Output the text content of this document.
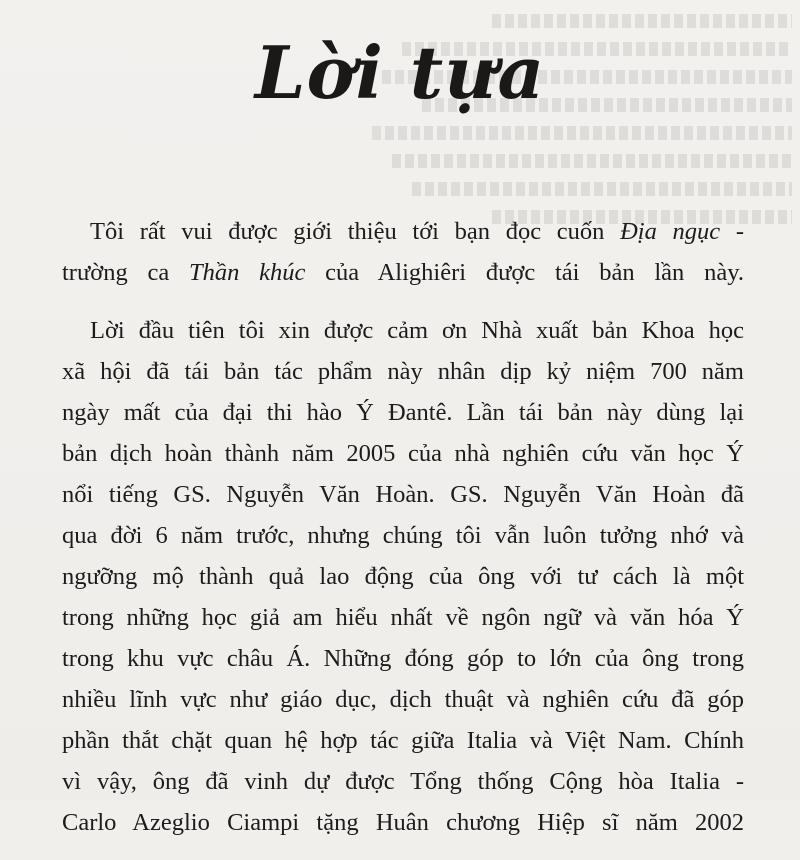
Lời tựa

Tôi rất vui được giới thiệu tới bạn đọc cuốn Địa ngục -
trường ca Thần khúc của Alighiêri được tái bản lần này.

Lời đầu tiên tôi xin được cảm ơn Nhà xuất bản Khoa học
xã hội đã tái bản tác phẩm này nhân dịp kỷ niệm 700 năm
ngày mất của đại thi hào Ý Đantê. Lần tái bản này dùng lại
bản dịch hoàn thành năm 2005 của nhà nghiên cứu văn học Ý
nổi tiếng GS. Nguyễn Văn Hoàn. GS. Nguyễn Văn Hoàn đã
qua đời 6 năm trước, nhưng chúng tôi vẫn luôn tưởng nhớ và
ngưỡng mộ thành quả lao động của ông với tư cách là một
trong những học giả am hiểu nhất về ngôn ngữ và văn hóa Ý
trong khu vực châu Á. Những đóng góp to lớn của ông trong
nhiều lĩnh vực như giáo dục, dịch thuật và nghiên cứu đã góp
phần thắt chặt quan hệ hợp tác giữa Italia và Việt Nam. Chính
vì vậy, ông đã vinh dự được Tổng thống Cộng hòa Italia -
Carlo Azeglio Ciampi tặng Huân chương Hiệp sĩ năm 2002
